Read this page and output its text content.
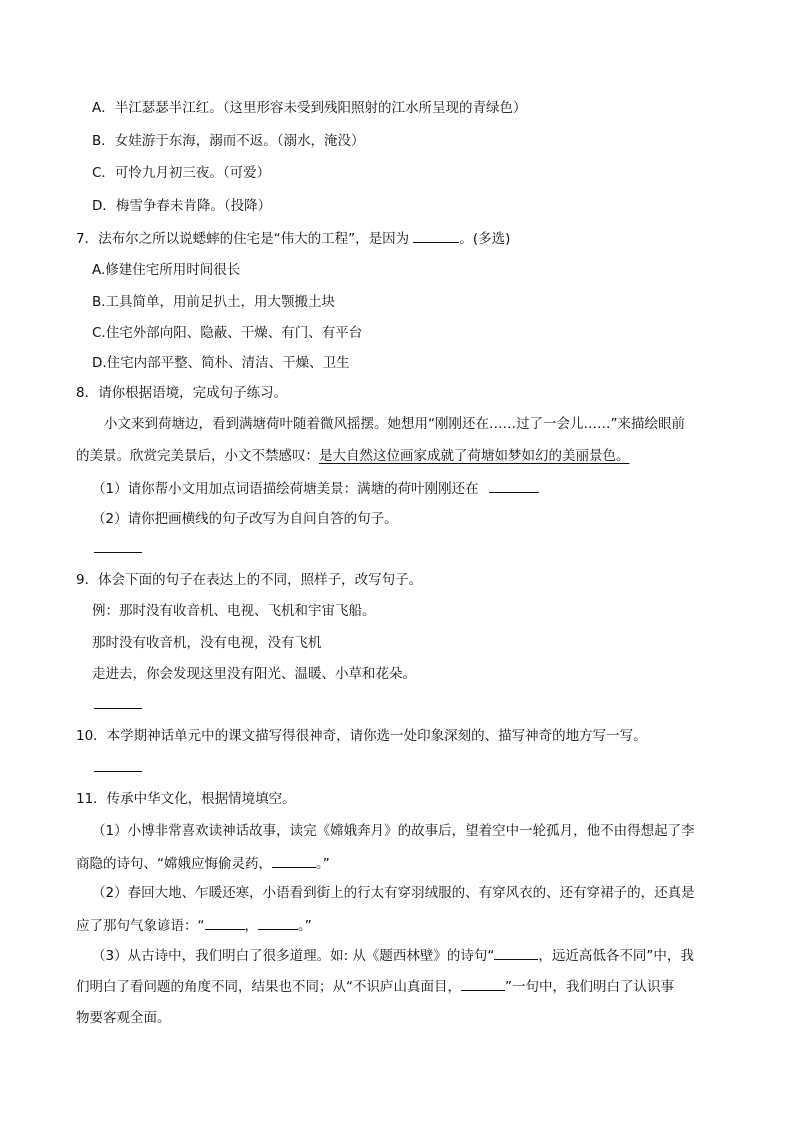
A．半江瑟瑟半江红。（这里形容未受到残阳照射的江水所呈现的青绿色）
B．女娃游于东海，溺而不返。（溺水，淹没）
C．可怜九月初三夜。（可爱）
D．梅雪争春未肯降。（投降）
7．法布尔之所以说蟋蟀的住宅是“伟大的工程”，是因为	。(多选)
A.修建住宅所用时间很长
B.工具简单，用前足扒土，用大颚搬土块
C.住宅外部向阳、隐蔽、干燥、有门、有平台
D.住宅内部平整、简朴、清洁、干燥、卫生
8．请你根据语境，完成句子练习。
小文来到荷塘边，看到满塘荷叶随着微风摇摆。她想用“刚刚还在……过了一会儿……”来描绘眼前
的美景。欣赏完美景后，小文不禁感叹：是大自然这位画家成就了荷塘如梦如幻的美丽景色。
（1）请你帮小文用加点词语描绘荷塘美景：满塘的荷叶刚刚还在
（2）请你把画横线的句子改写为自问自答的句子。
9．体会下面的句子在表达上的不同，照样子，改写句子。
例：那时没有收音机、电视、飞机和宇宙飞船。
那时没有收音机，没有电视，没有飞机
走进去，你会发现这里没有阳光、温暖、小草和花朵。
10．本学期神话单元中的课文描写得很神奇，请你选一处印象深刻的、描写神奇的地方写一写。
11．传承中华文化，根据情境填空。
（1）小博非常喜欢读神话故事，读完《嫦娥奔月》的故事后，望着空中一轮孤月，他不由得想起了李
商隐的诗句、“嫦娥应悔偷灵药，	。”
（2）春回大地、乍暖还寒，小语看到街上的行太有穿羽绒服的、有穿风衣的、还有穿裙子的，还真是
应了那句气象谚语：“	，	。”
（3）从古诗中，我们明白了很多道理。如: 从《题西林壁》的诗句“	，远近高低各不同”中，我
们明白了看问题的角度不同，结果也不同；从“不识庐山真面目，	”一句中，我们明白了认识事
物要客观全面。
